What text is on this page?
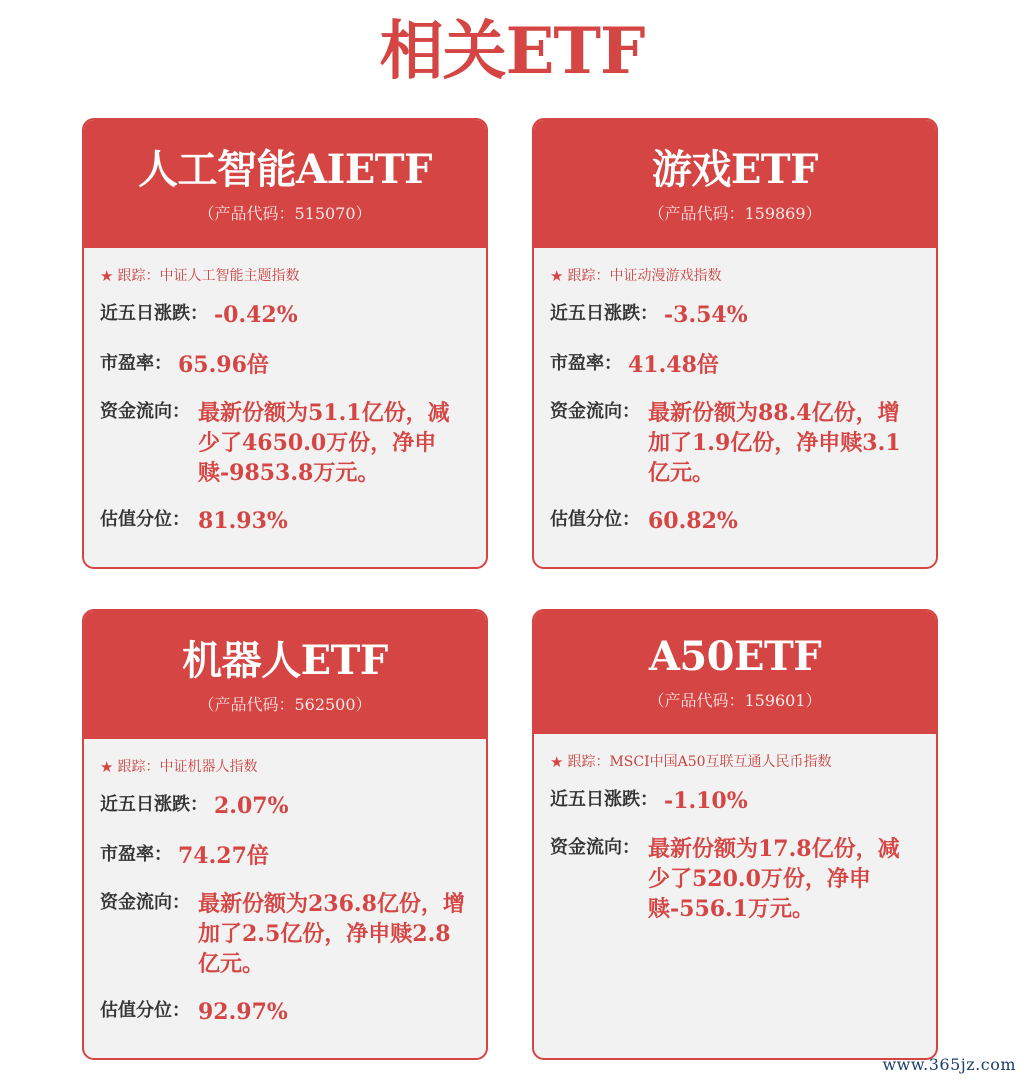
相关ETF
人工智能AIETF
（产品代码：515070）
★ 跟踪： 中证人工智能主题指数
近五日涨跌： -0.42%
市盈率： 65.96倍
资金流向： 最新份额为51.1亿份，减少了4650.0万份，净申赎-9853.8万元。
估值分位： 81.93%
游戏ETF
（产品代码：159869）
★ 跟踪： 中证动漫游戏指数
近五日涨跌： -3.54%
市盈率： 41.48倍
资金流向： 最新份额为88.4亿份，增加了1.9亿份，净申赎3.1亿元。
估值分位： 60.82%
机器人ETF
（产品代码：562500）
★ 跟踪： 中证机器人指数
近五日涨跌： 2.07%
市盈率： 74.27倍
资金流向： 最新份额为236.8亿份，增加了2.5亿份，净申赎2.8亿元。
估值分位： 92.97%
A50ETF
（产品代码：159601）
★ 跟踪： MSCI中国A50互联互通人民币指数
近五日涨跌： -1.10%
资金流向： 最新份额为17.8亿份，减少了520.0万份，净申赎-556.1万元。
www.365jz.com
